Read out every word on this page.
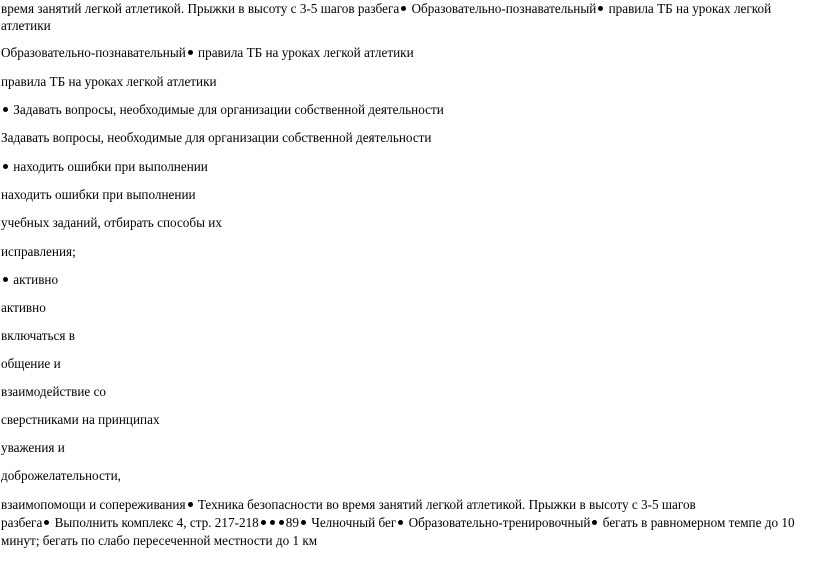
время занятий легкой атлетикой. Прыжки в высоту с 3-5 шагов разбега Образовательно-познавательный правила ТБ на уроках легкой
атлетики
Образовательно-познавательный правила ТБ на уроках легкой атлетики
правила ТБ на уроках легкой атлетики
Задавать вопросы, необходимые для организации собственной деятельности
Задавать вопросы, необходимые для организации собственной деятельности
находить ошибки при выполнении
находить ошибки при выполнении
учебных заданий, отбирать способы их
исправления;
активно
активно
включаться в
общение и
взаимодействие со
сверстниками на принципах
уважения и
доброжелательности,
взаимопомощи и сопереживания Техника безопасности во время занятий легкой атлетикой. Прыжки в высоту с 3-5 шагов
разбега Выполнить комплекс 4, стр. 217-218 89 Челночный бег Образовательно-тренировочный бегать в равномерном темпе до 10
минут; бегать по слабо пересеченной местности до 1 км
